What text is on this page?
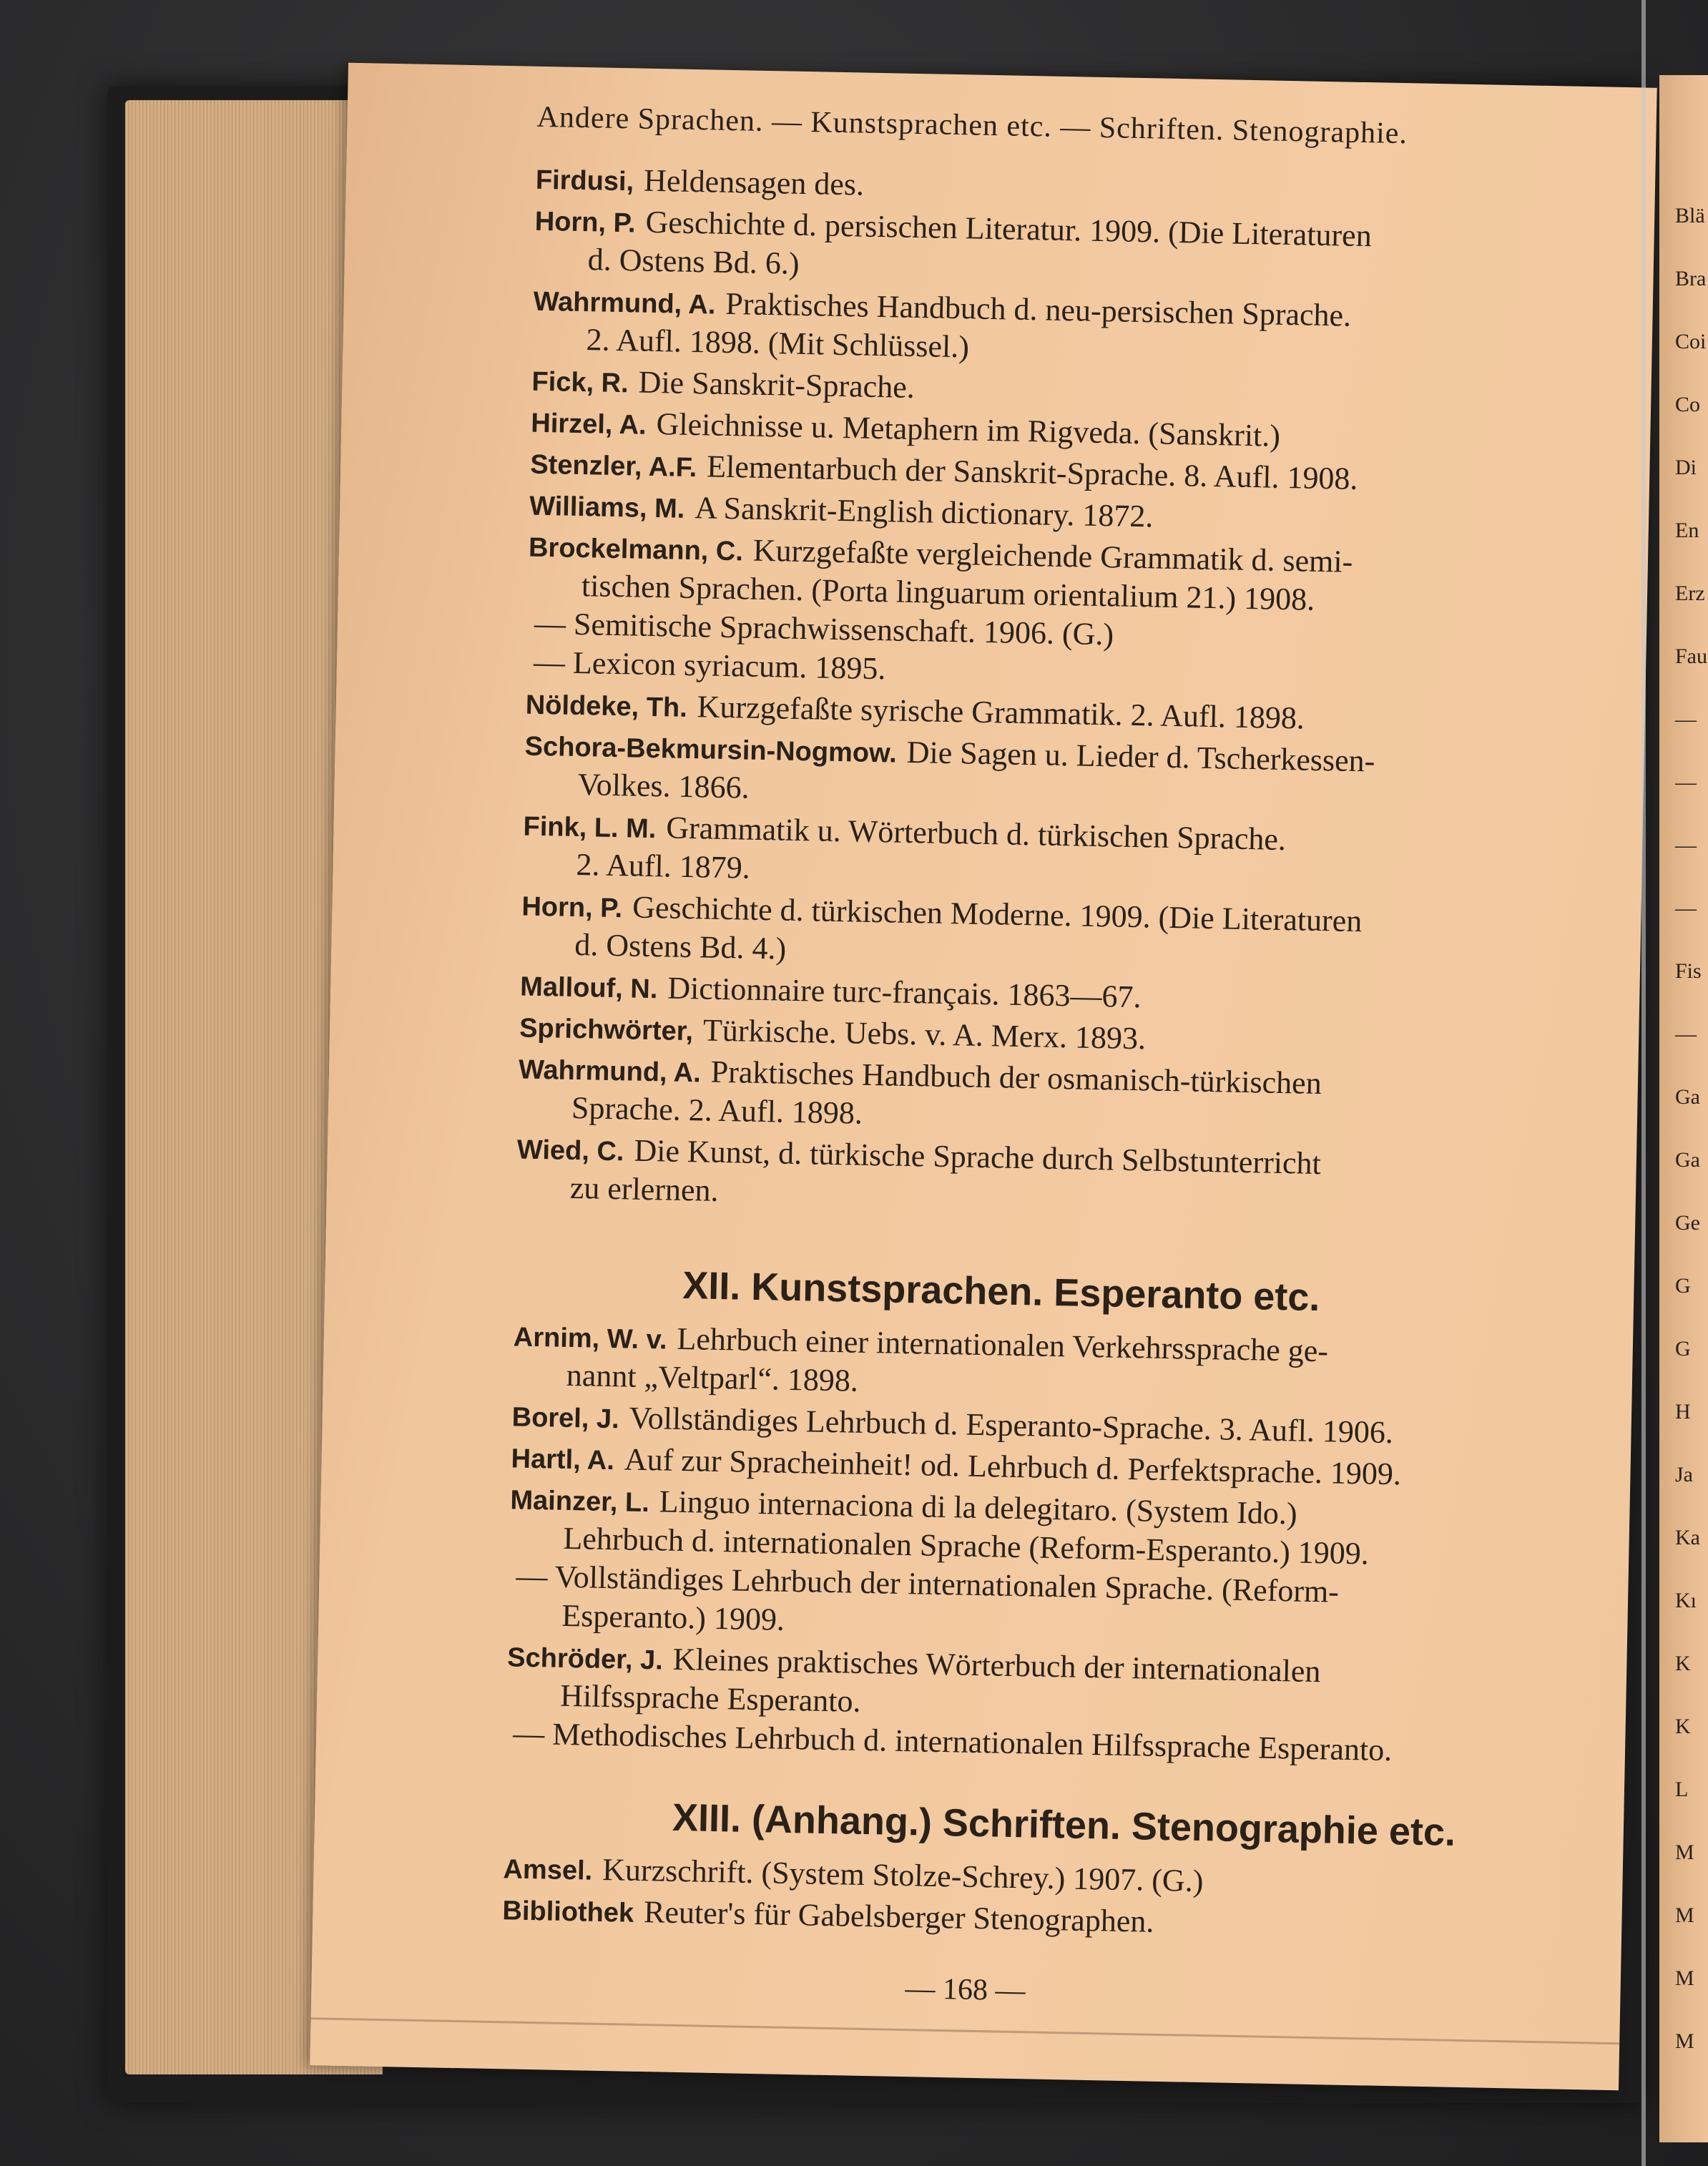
Andere Sprachen. — Kunstsprachen etc. — Schriften. Stenographie.
Firdusi, Heldensagen des.
Horn, P. Geschichte d. persischen Literatur. 1909. (Die Literaturen
d. Ostens Bd. 6.)
Wahrmund, A. Praktisches Handbuch d. neu-persischen Sprache.
2. Aufl. 1898. (Mit Schlüssel.)
Fick, R. Die Sanskrit-Sprache.
Hirzel, A. Gleichnisse u. Metaphern im Rigveda. (Sanskrit.)
Stenzler, A.F. Elementarbuch der Sanskrit-Sprache. 8. Aufl. 1908.
Williams, M. A Sanskrit-English dictionary. 1872.
Brockelmann, C. Kurzgefaßte vergleichende Grammatik d. semi-
tischen Sprachen. (Porta linguarum orientalium 21.) 1908.
— Semitische Sprachwissenschaft. 1906. (G.)
— Lexicon syriacum. 1895.
Nöldeke, Th. Kurzgefaßte syrische Grammatik. 2. Aufl. 1898.
Schora-Bekmursin-Nogmow. Die Sagen u. Lieder d. Tscherkessen-
Volkes. 1866.
Fink, L. M. Grammatik u. Wörterbuch d. türkischen Sprache.
2. Aufl. 1879.
Horn, P. Geschichte d. türkischen Moderne. 1909. (Die Literaturen
d. Ostens Bd. 4.)
Mallouf, N. Dictionnaire turc-français. 1863—67.
Sprichwörter, Türkische. Uebs. v. A. Merx. 1893.
Wahrmund, A. Praktisches Handbuch der osmanisch-türkischen
Sprache. 2. Aufl. 1898.
Wied, C. Die Kunst, d. türkische Sprache durch Selbstunterricht
zu erlernen.
XII. Kunstsprachen. Esperanto etc.
Arnim, W. v. Lehrbuch einer internationalen Verkehrssprache ge-
nannt „Veltparl“. 1898.
Borel, J. Vollständiges Lehrbuch d. Esperanto-Sprache. 3. Aufl. 1906.
Hartl, A. Auf zur Spracheinheit! od. Lehrbuch d. Perfektsprache. 1909.
Mainzer, L. Linguo internaciona di la delegitaro. (System Ido.)
Lehrbuch d. internationalen Sprache (Reform-Esperanto.) 1909.
— Vollständiges Lehrbuch der internationalen Sprache. (Reform-
Esperanto.) 1909.
Schröder, J. Kleines praktisches Wörterbuch der internationalen
Hilfssprache Esperanto.
— Methodisches Lehrbuch d. internationalen Hilfssprache Esperanto.
XIII. (Anhang.) Schriften. Stenographie etc.
Amsel. Kurzschrift. (System Stolze-Schrey.) 1907. (G.)
Bibliothek Reuter's für Gabelsberger Stenographen.
— 168 —
Blä
Bra
Coi
Co
Di
En
Erz
Fau
—
—
—
—
Fis
—
Ga
Ga
Ge
G
G
H
Ja
Ka
Kı
K
K
L
M
M
M
M
